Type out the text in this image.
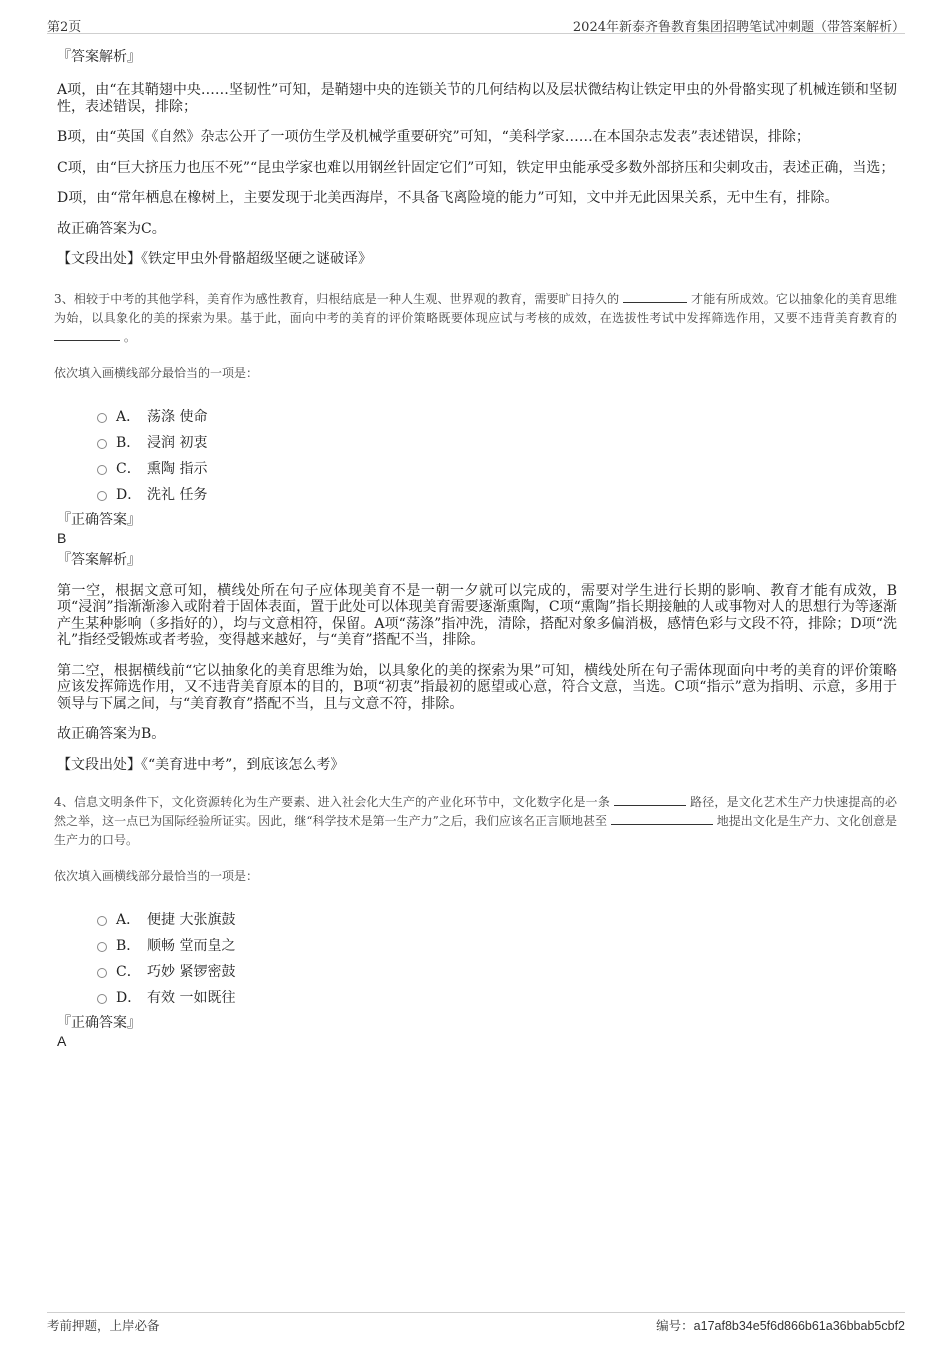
第2页	2024年新泰齐鲁教育集团招聘笔试冲刺题（带答案解析）
『答案解析』
A项，由“在其鞘翅中央……坚韧性”可知，是鞘翅中央的连锁关节的几何结构以及层状微结构让铁定甲虫的外骨骼实现了机械连锁和坚韧性，表述错误，排除；
B项，由“英国《自然》杂志公开了一项仿生学及机械学重要研究”可知，“美科学家……在本国杂志发表”表述错误，排除；
C项，由“巨大挤压力也压不死”“昆虫学家也难以用钢丝针固定它们”可知，铁定甲虫能承受多数外部挤压和尖刺攻击，表述正确，当选；
D项，由“常年栖息在橡树上，主要发现于北美西海岸，不具备飞离险境的能力”可知，文中并无此因果关系，无中生有，排除。
故正确答案为C。
【文段出处】《铁定甲虫外骨骼超级坚硬之谜破译》
3、相较于中考的其他学科，美育作为感性教育，归根结底是一种人生观、世界观的教育，需要旷日持久的	才能有所成效。它以抽象化的美育思维为始，以具象化的美的探索为果。基于此，面向中考的美育的评价策略既要体现应试与考核的成效，在选拔性考试中发挥筛选作用，又要不违背美育教育的  。
依次填入画横线部分最恰当的一项是：
A． 荡涤 使命
B． 浸润 初衷
C． 熏陶 指示
D． 洗礼 任务
『正确答案』
B
『答案解析』
第一空，根据文意可知，横线处所在句子应体现美育不是一朝一夕就可以完成的，需要对学生进行长期的影响、教育才能有成效，B项“浸润”指渐渐渗入或附着于固体表面，置于此处可以体现美育需要逐渐熏陶，C项“熏陶”指长期接触的人或事物对人的思想行为等逐渐产生某种影响（多指好的），均与文意相符，保留。A项“荡涤”指冲洗，清除，搭配对象多偏消极，感情色彩与文段不符，排除；D项“洗礼”指经受锻炼或者考验，变得越来越好，与“美育”搭配不当，排除。
第二空，根据横线前“它以抽象化的美育思维为始，以具象化的美的探索为果”可知，横线处所在句子需体现面向中考的美育的评价策略应该发挥筛选作用，又不违背美育原本的目的，B项“初衷”指最初的愿望或心意，符合文意，当选。C项“指示”意为指明、示意，多用于领导与下属之间，与“美育教育”搭配不当，且与文意不符，排除。
故正确答案为B。
【文段出处】《“美育进中考”，到底该怎么考》
4、信息文明条件下，文化资源转化为生产要素、进入社会化大生产的产业化环节中，文化数字化是一条	路径，是文化艺术生产力快速提高的必然之举，这一点已为国际经验所证实。因此，继“科学技术是第一生产力”之后，我们应该名正言顺地甚至	地提出文化是生产力、文化创意是生产力的口号。
依次填入画横线部分最恰当的一项是：
A． 便捷 大张旗鼓
B． 顺畅 堂而皇之
C． 巧妙 紧锣密鼓
D． 有效 一如既往
『正确答案』
A
考前押题，上岸必备	编号：a17af8b34e5f6d866b61a36bbab5cbf2
